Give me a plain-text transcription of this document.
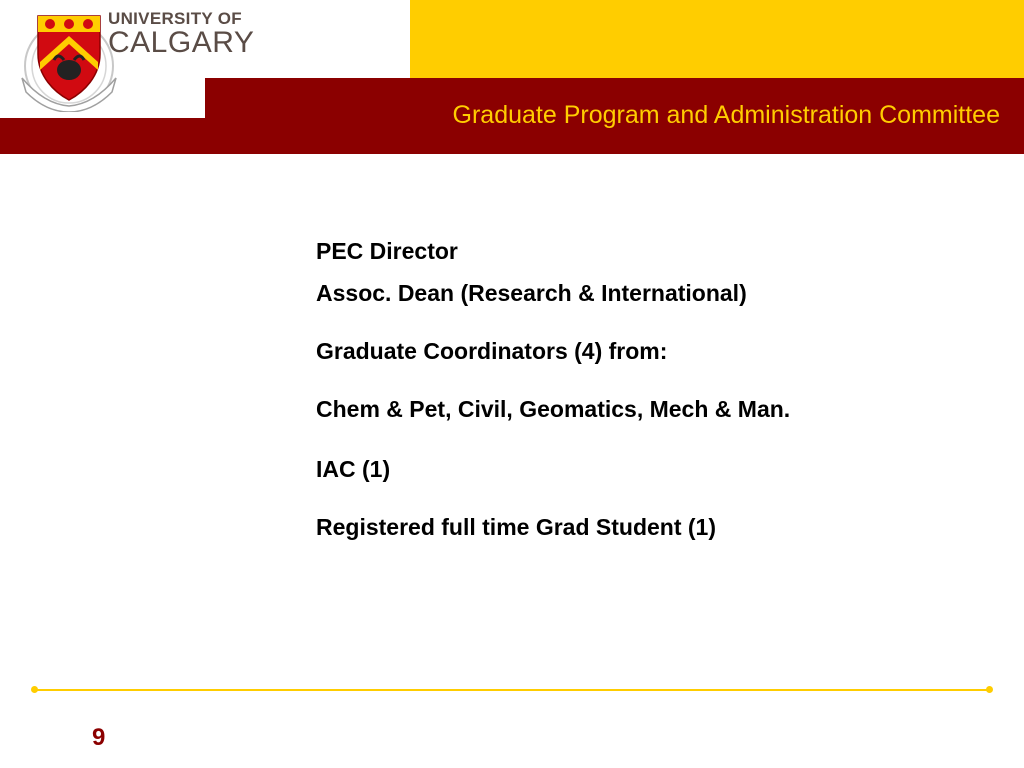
UNIVERSITY OF
CALGARY
Graduate Program and Administration Committee
PEC Director
Assoc. Dean (Research & International)
Graduate Coordinators (4) from:
Chem & Pet, Civil, Geomatics, Mech & Man.
IAC (1)
Registered full time Grad Student (1)
9
